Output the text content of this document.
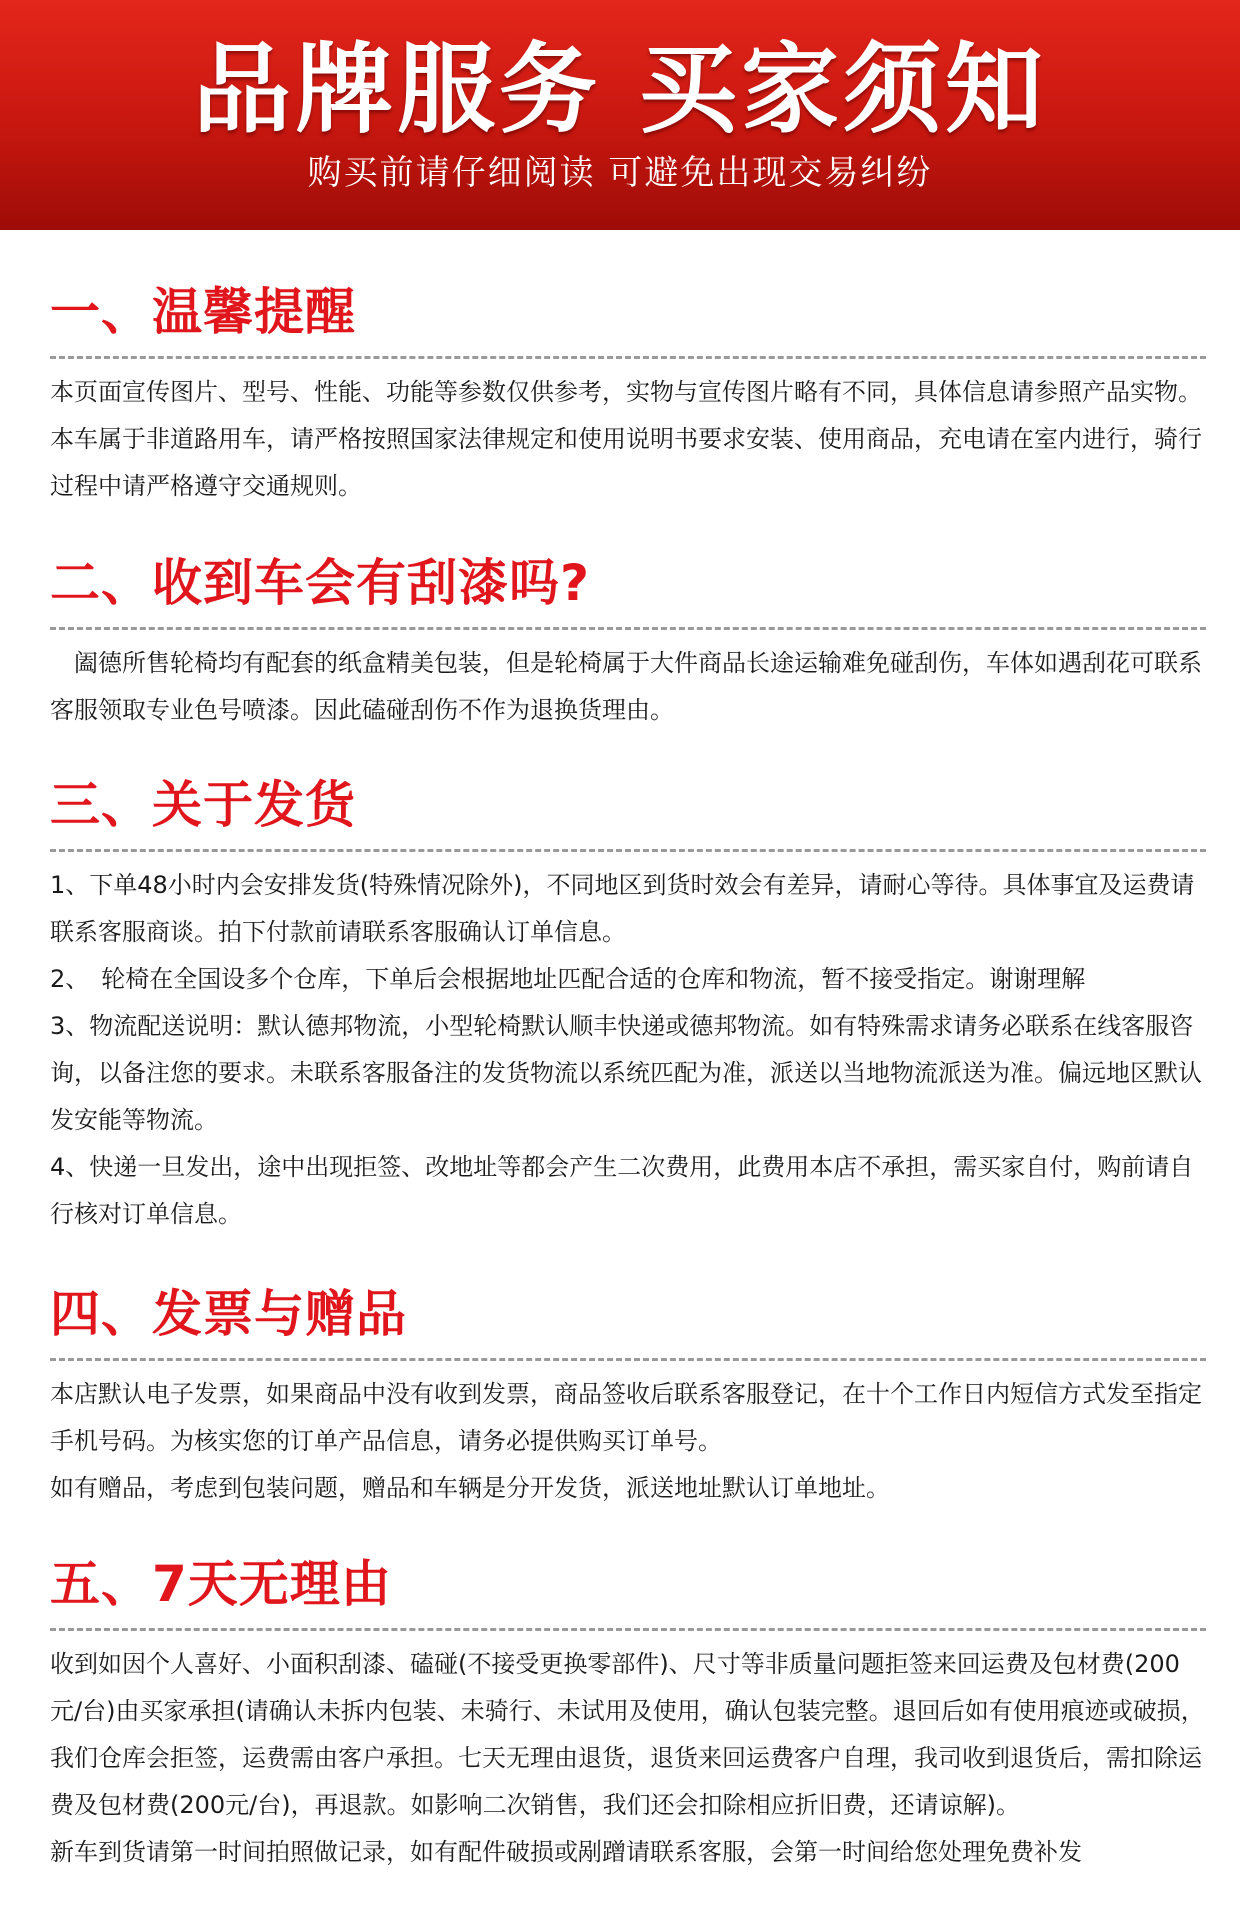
品牌服务 买家须知
购买前请仔细阅读 可避免出现交易纠纷
一、温馨提醒

本页面宣传图片、型号、性能、功能等参数仅供参考，实物与宣传图片略有不同，具体信息请参照产品实物。本车属于非道路用车，请严格按照国家法律规定和使用说明书要求安装、使用商品，充电请在室内进行，骑行过程中请严格遵守交通规则。

二、收到车会有刮漆吗?

阖德所售轮椅均有配套的纸盒精美包装，但是轮椅属于大件商品长途运输难免碰刮伤，车体如遇刮花可联系客服领取专业色号喷漆。因此磕碰刮伤不作为退换货理由。

三、关于发货

1、下单48小时内会安排发货(特殊情况除外)，不同地区到货时效会有差异，请耐心等待。具体事宜及运费请联系客服商谈。拍下付款前请联系客服确认订单信息。

2、　轮椅在全国设多个仓库，下单后会根据地址匹配合适的仓库和物流，暂不接受指定。谢谢理解

3、物流配送说明：默认德邦物流，小型轮椅默认顺丰快递或德邦物流。如有特殊需求请务必联系在线客服咨询，以备注您的要求。未联系客服备注的发货物流以系统匹配为准，派送以当地物流派送为准。偏远地区默认发安能等物流。

4、快递一旦发出，途中出现拒签、改地址等都会产生二次费用，此费用本店不承担，需买家自付，购前请自行核对订单信息。

四、发票与赠品

本店默认电子发票，如果商品中没有收到发票，商品签收后联系客服登记，在十个工作日内短信方式发至指定手机号码。为核实您的订单产品信息，请务必提供购买订单号。

如有赠品，考虑到包装问题，赠品和车辆是分开发货，派送地址默认订单地址。

五、7天无理由

收到如因个人喜好、小面积刮漆、磕碰(不接受更换零部件)、尺寸等非质量问题拒签来回运费及包材费(200元/台)由买家承担(请确认未拆内包装、未骑行、未试用及使用，确认包装完整。退回后如有使用痕迹或破损，我们仓库会拒签，运费需由客户承担。七天无理由退货，退货来回运费客户自理，我司收到退货后，需扣除运费及包材费(200元/台)，再退款。如影响二次销售，我们还会扣除相应折旧费，还请谅解)。

新车到货请第一时间拍照做记录，如有配件破损或剐蹭请联系客服，会第一时间给您处理免费补发
